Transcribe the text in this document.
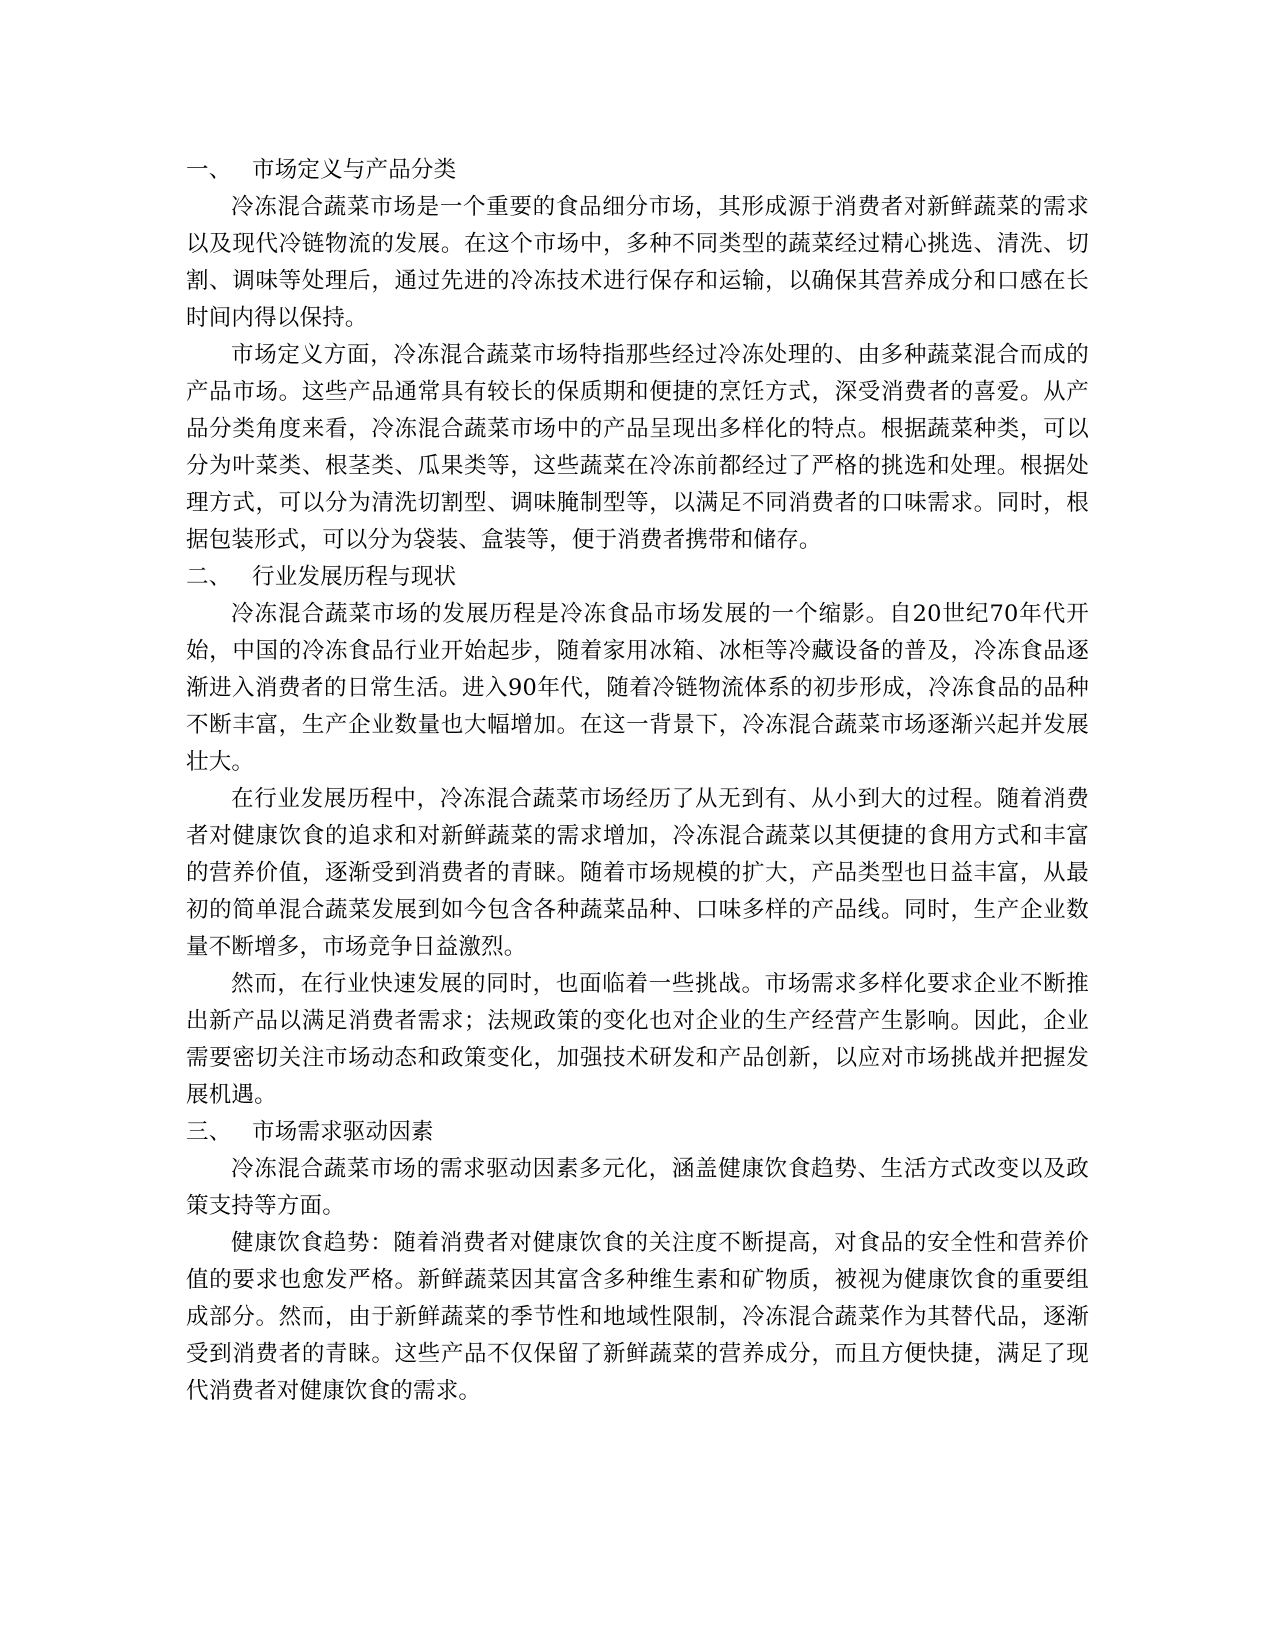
一、 市场定义与产品分类

冷冻混合蔬菜市场是一个重要的食品细分市场，其形成源于消费者对新鲜蔬菜的需求以及现代冷链物流的发展。在这个市场中，多种不同类型的蔬菜经过精心挑选、清洗、切割、调味等处理后，通过先进的冷冻技术进行保存和运输，以确保其营养成分和口感在长时间内得以保持。

市场定义方面，冷冻混合蔬菜市场特指那些经过冷冻处理的、由多种蔬菜混合而成的产品市场。这些产品通常具有较长的保质期和便捷的烹饪方式，深受消费者的喜爱。从产品分类角度来看，冷冻混合蔬菜市场中的产品呈现出多样化的特点。根据蔬菜种类，可以分为叶菜类、根茎类、瓜果类等，这些蔬菜在冷冻前都经过了严格的挑选和处理。根据处理方式，可以分为清洗切割型、调味腌制型等，以满足不同消费者的口味需求。同时，根据包装形式，可以分为袋装、盒装等，便于消费者携带和储存。

二、 行业发展历程与现状

冷冻混合蔬菜市场的发展历程是冷冻食品市场发展的一个缩影。自20世纪70年代开始，中国的冷冻食品行业开始起步，随着家用冰箱、冰柜等冷藏设备的普及，冷冻食品逐渐进入消费者的日常生活。进入90年代，随着冷链物流体系的初步形成，冷冻食品的品种不断丰富，生产企业数量也大幅增加。在这一背景下，冷冻混合蔬菜市场逐渐兴起并发展壮大。

在行业发展历程中，冷冻混合蔬菜市场经历了从无到有、从小到大的过程。随着消费者对健康饮食的追求和对新鲜蔬菜的需求增加，冷冻混合蔬菜以其便捷的食用方式和丰富的营养价值，逐渐受到消费者的青睐。随着市场规模的扩大，产品类型也日益丰富，从最初的简单混合蔬菜发展到如今包含各种蔬菜品种、口味多样的产品线。同时，生产企业数量不断增多，市场竞争日益激烈。

然而，在行业快速发展的同时，也面临着一些挑战。市场需求多样化要求企业不断推出新产品以满足消费者需求；法规政策的变化也对企业的生产经营产生影响。因此，企业需要密切关注市场动态和政策变化，加强技术研发和产品创新，以应对市场挑战并把握发展机遇。

三、 市场需求驱动因素

冷冻混合蔬菜市场的需求驱动因素多元化，涵盖健康饮食趋势、生活方式改变以及政策支持等方面。

健康饮食趋势：随着消费者对健康饮食的关注度不断提高，对食品的安全性和营养价值的要求也愈发严格。新鲜蔬菜因其富含多种维生素和矿物质，被视为健康饮食的重要组成部分。然而，由于新鲜蔬菜的季节性和地域性限制，冷冻混合蔬菜作为其替代品，逐渐受到消费者的青睐。这些产品不仅保留了新鲜蔬菜的营养成分，而且方便快捷，满足了现代消费者对健康饮食的需求。
